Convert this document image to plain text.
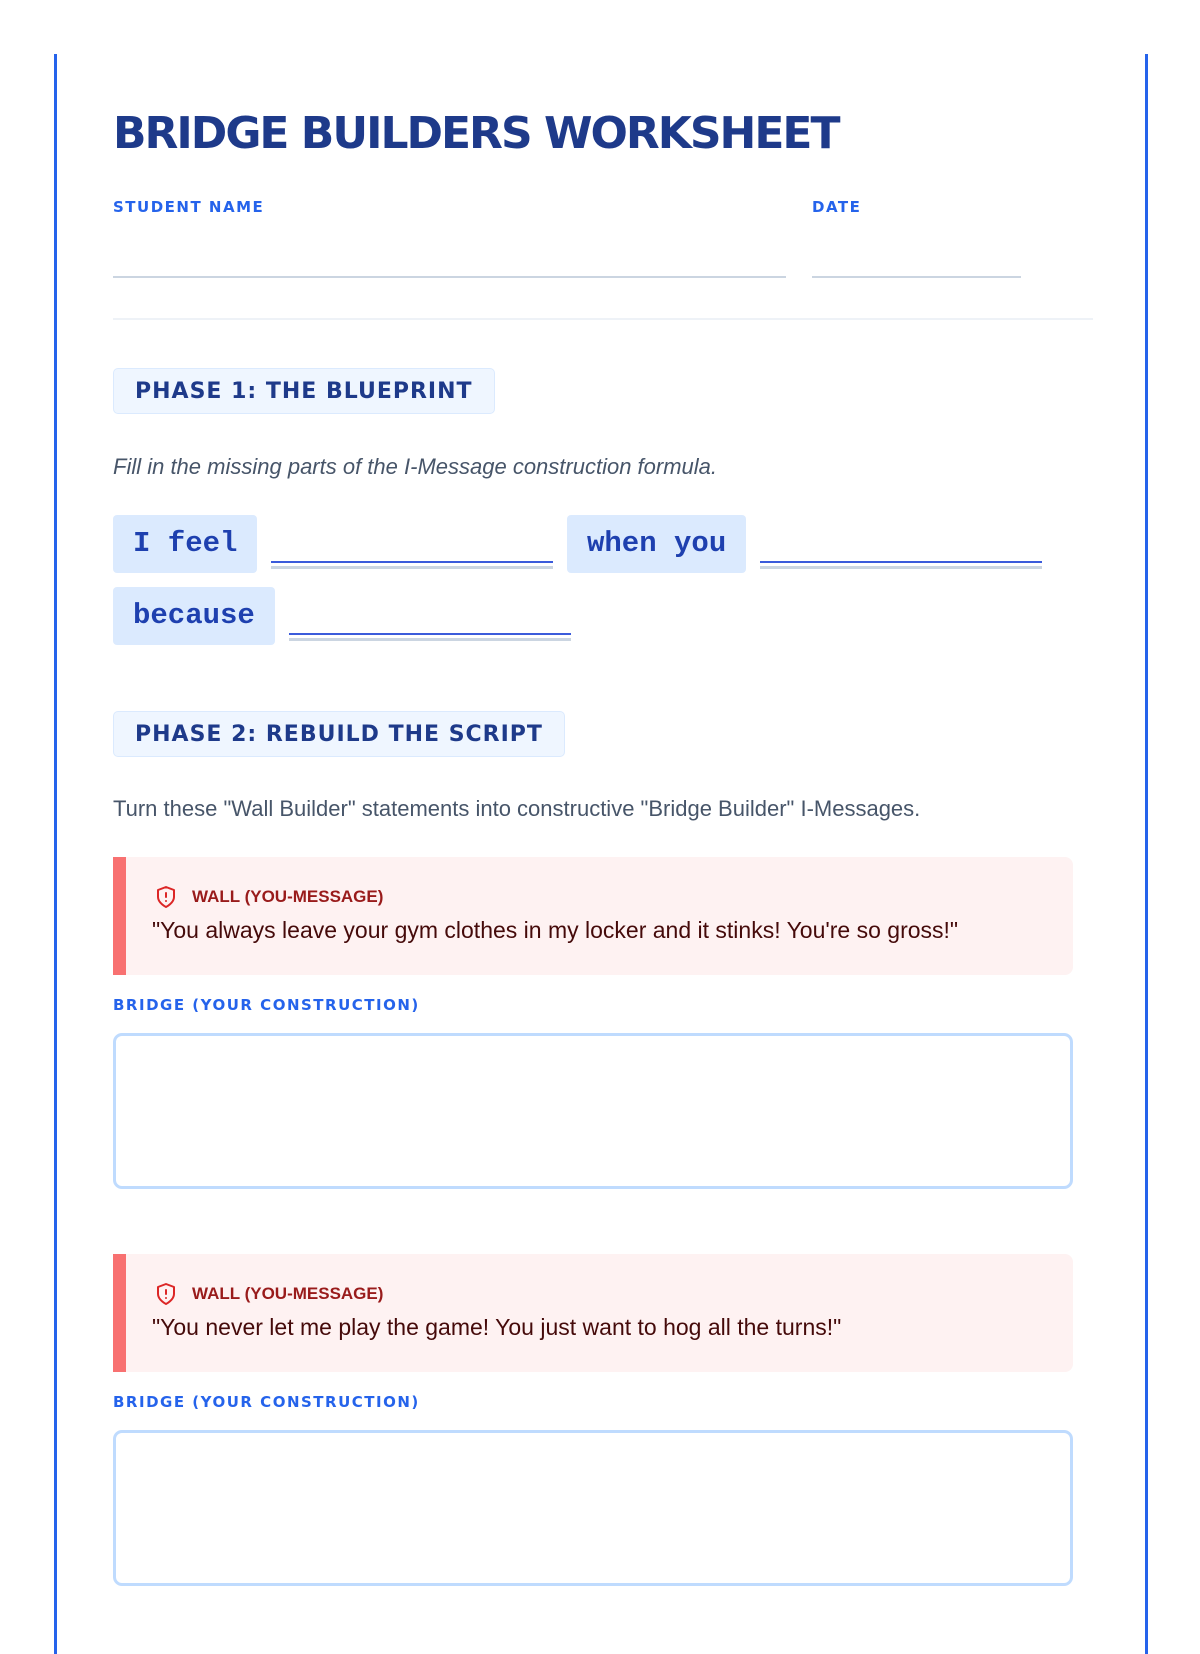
BRIDGE BUILDERS WORKSHEET
STUDENT NAME	DATE
PHASE 1: THE BLUEPRINT
Fill in the missing parts of the I-Message construction formula.
I feel	when you
because
PHASE 2: REBUILD THE SCRIPT
Turn these "Wall Builder" statements into constructive "Bridge Builder" I-Messages.
WALL (YOU-MESSAGE)
"You always leave your gym clothes in my locker and it stinks! You're so gross!"
BRIDGE (YOUR CONSTRUCTION)
WALL (YOU-MESSAGE)
"You never let me play the game! You just want to hog all the turns!"
BRIDGE (YOUR CONSTRUCTION)
